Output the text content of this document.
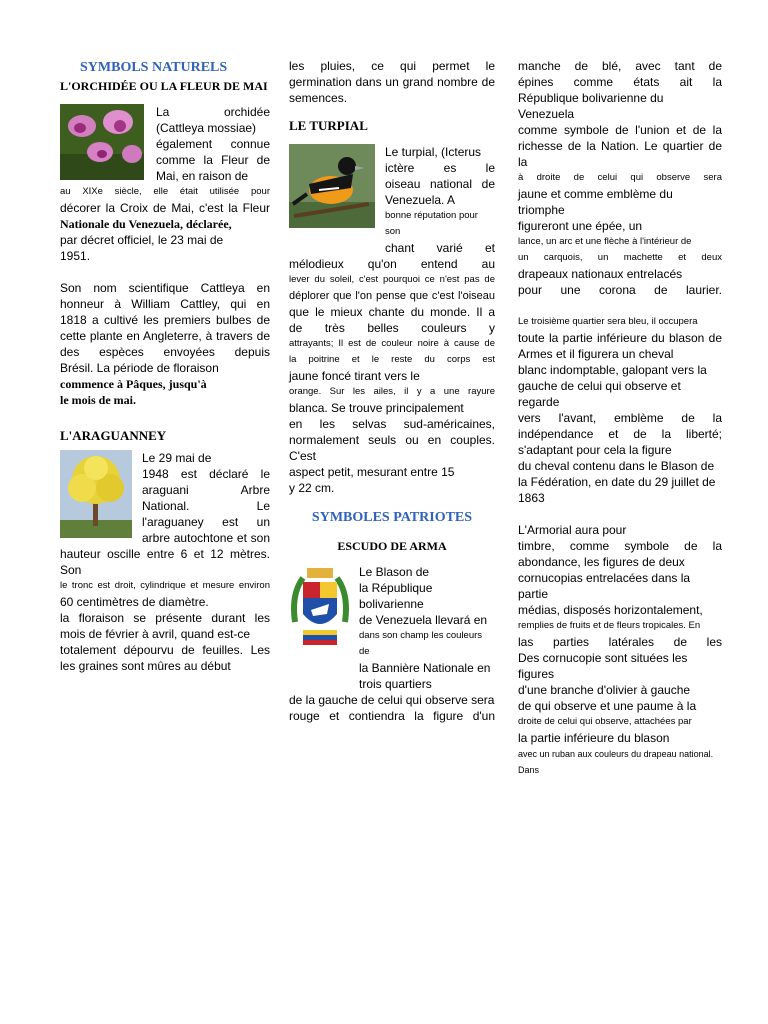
SYMBOLS NATURELS
L'ORCHIDÉE OU LA FLEUR DE MAI

La orchidée

(Cattleya mossiae)

également connue

comme la Fleur de

Mai, en raison de

au XIXe siècle, elle était utilisée pour

décorer la Croix de Mai, c'est la Fleur

Nationale du Venezuela, déclarée,

par décret officiel, le 23 mai de

1951.

Son nom scientifique Cattleya en

honneur à William Cattley, qui en

1818 a cultivé les premiers bulbes de

cette plante en Angleterre, à travers de

des espèces envoyées depuis

Brésil. La période de floraison

commence à Pâques, jusqu'à

le mois de mai.

L'ARAGUANNEY

Le 29 mai de

1948 est déclaré le

araguani Arbre

National. Le

l'araguaney est un

arbre autochtone et son

hauteur oscille entre 6 et 12 mètres. Son

le tronc est droit, cylindrique et mesure environ

60 centimètres de diamètre.

la floraison se présente durant les

mois de février à avril, quand est-ce

totalement dépourvu de feuilles. Les

les graines sont mûres au début

les pluies, ce qui permet le

germination dans un grand nombre de

semences.

LE TURPIAL

Le turpial, (Icterus

ictère es le

oiseau national de

Venezuela. A

bonne réputation pour son

chant varié et

mélodieux qu'on entend au

lever du soleil, c'est pourquoi ce n'est pas de

déplorer que l'on pense que c'est l'oiseau

que le mieux chante du monde. Il a

de très belles couleurs y

attrayants; Il est de couleur noire à cause de

la poitrine et le reste du corps est

jaune foncé tirant vers le

orange. Sur les ailes, il y a une rayure

blanca. Se trouve principalement

en les selvas sud-américaines,

normalement seuls ou en couples. C'est

aspect petit, mesurant entre 15

y 22 cm.

SYMBOLES PATRIOTES
ESCUDO DE ARMA

Le Blason de

la République bolivarienne

de Venezuela llevará en

dans son champ les couleurs de

la Bannière Nationale en

trois quartiers

de la gauche de celui qui observe sera

rouge et contiendra la figure d'un

manche de blé, avec tant de

épines comme états ait la

République bolivarienne du Venezuela

comme symbole de l'union et de la

richesse de la Nation. Le quartier de la

à droite de celui qui observe sera

jaune et comme emblème du triomphe

figureront une épée, un

lance, un arc et une flèche à l'intérieur de

un carquois, un machette et deux

drapeaux nationaux entrelacés

pour une corona de laurier.

Le troisième quartier sera bleu, il occupera

toute la partie inférieure du blason de

Armes et il figurera un cheval

blanc indomptable, galopant vers la

gauche de celui qui observe et regarde

vers l'avant, emblème de la

indépendance et de la liberté;

s'adaptant pour cela la figure

du cheval contenu dans le Blason de

la Fédération, en date du 29 juillet de

1863

L'Armorial aura pour

timbre, comme symbole de la

abondance, les figures de deux

cornucopias entrelacées dans la partie

médias, disposés horizontalement,

remplies de fruits et de fleurs tropicales. En

las parties latérales de les

Des cornucopie sont situées les figures

d'une branche d'olivier à gauche

de qui observe et une paume à la

droite de celui qui observe, attachées par

la partie inférieure du blason

avec un ruban aux couleurs du drapeau national. Dans
